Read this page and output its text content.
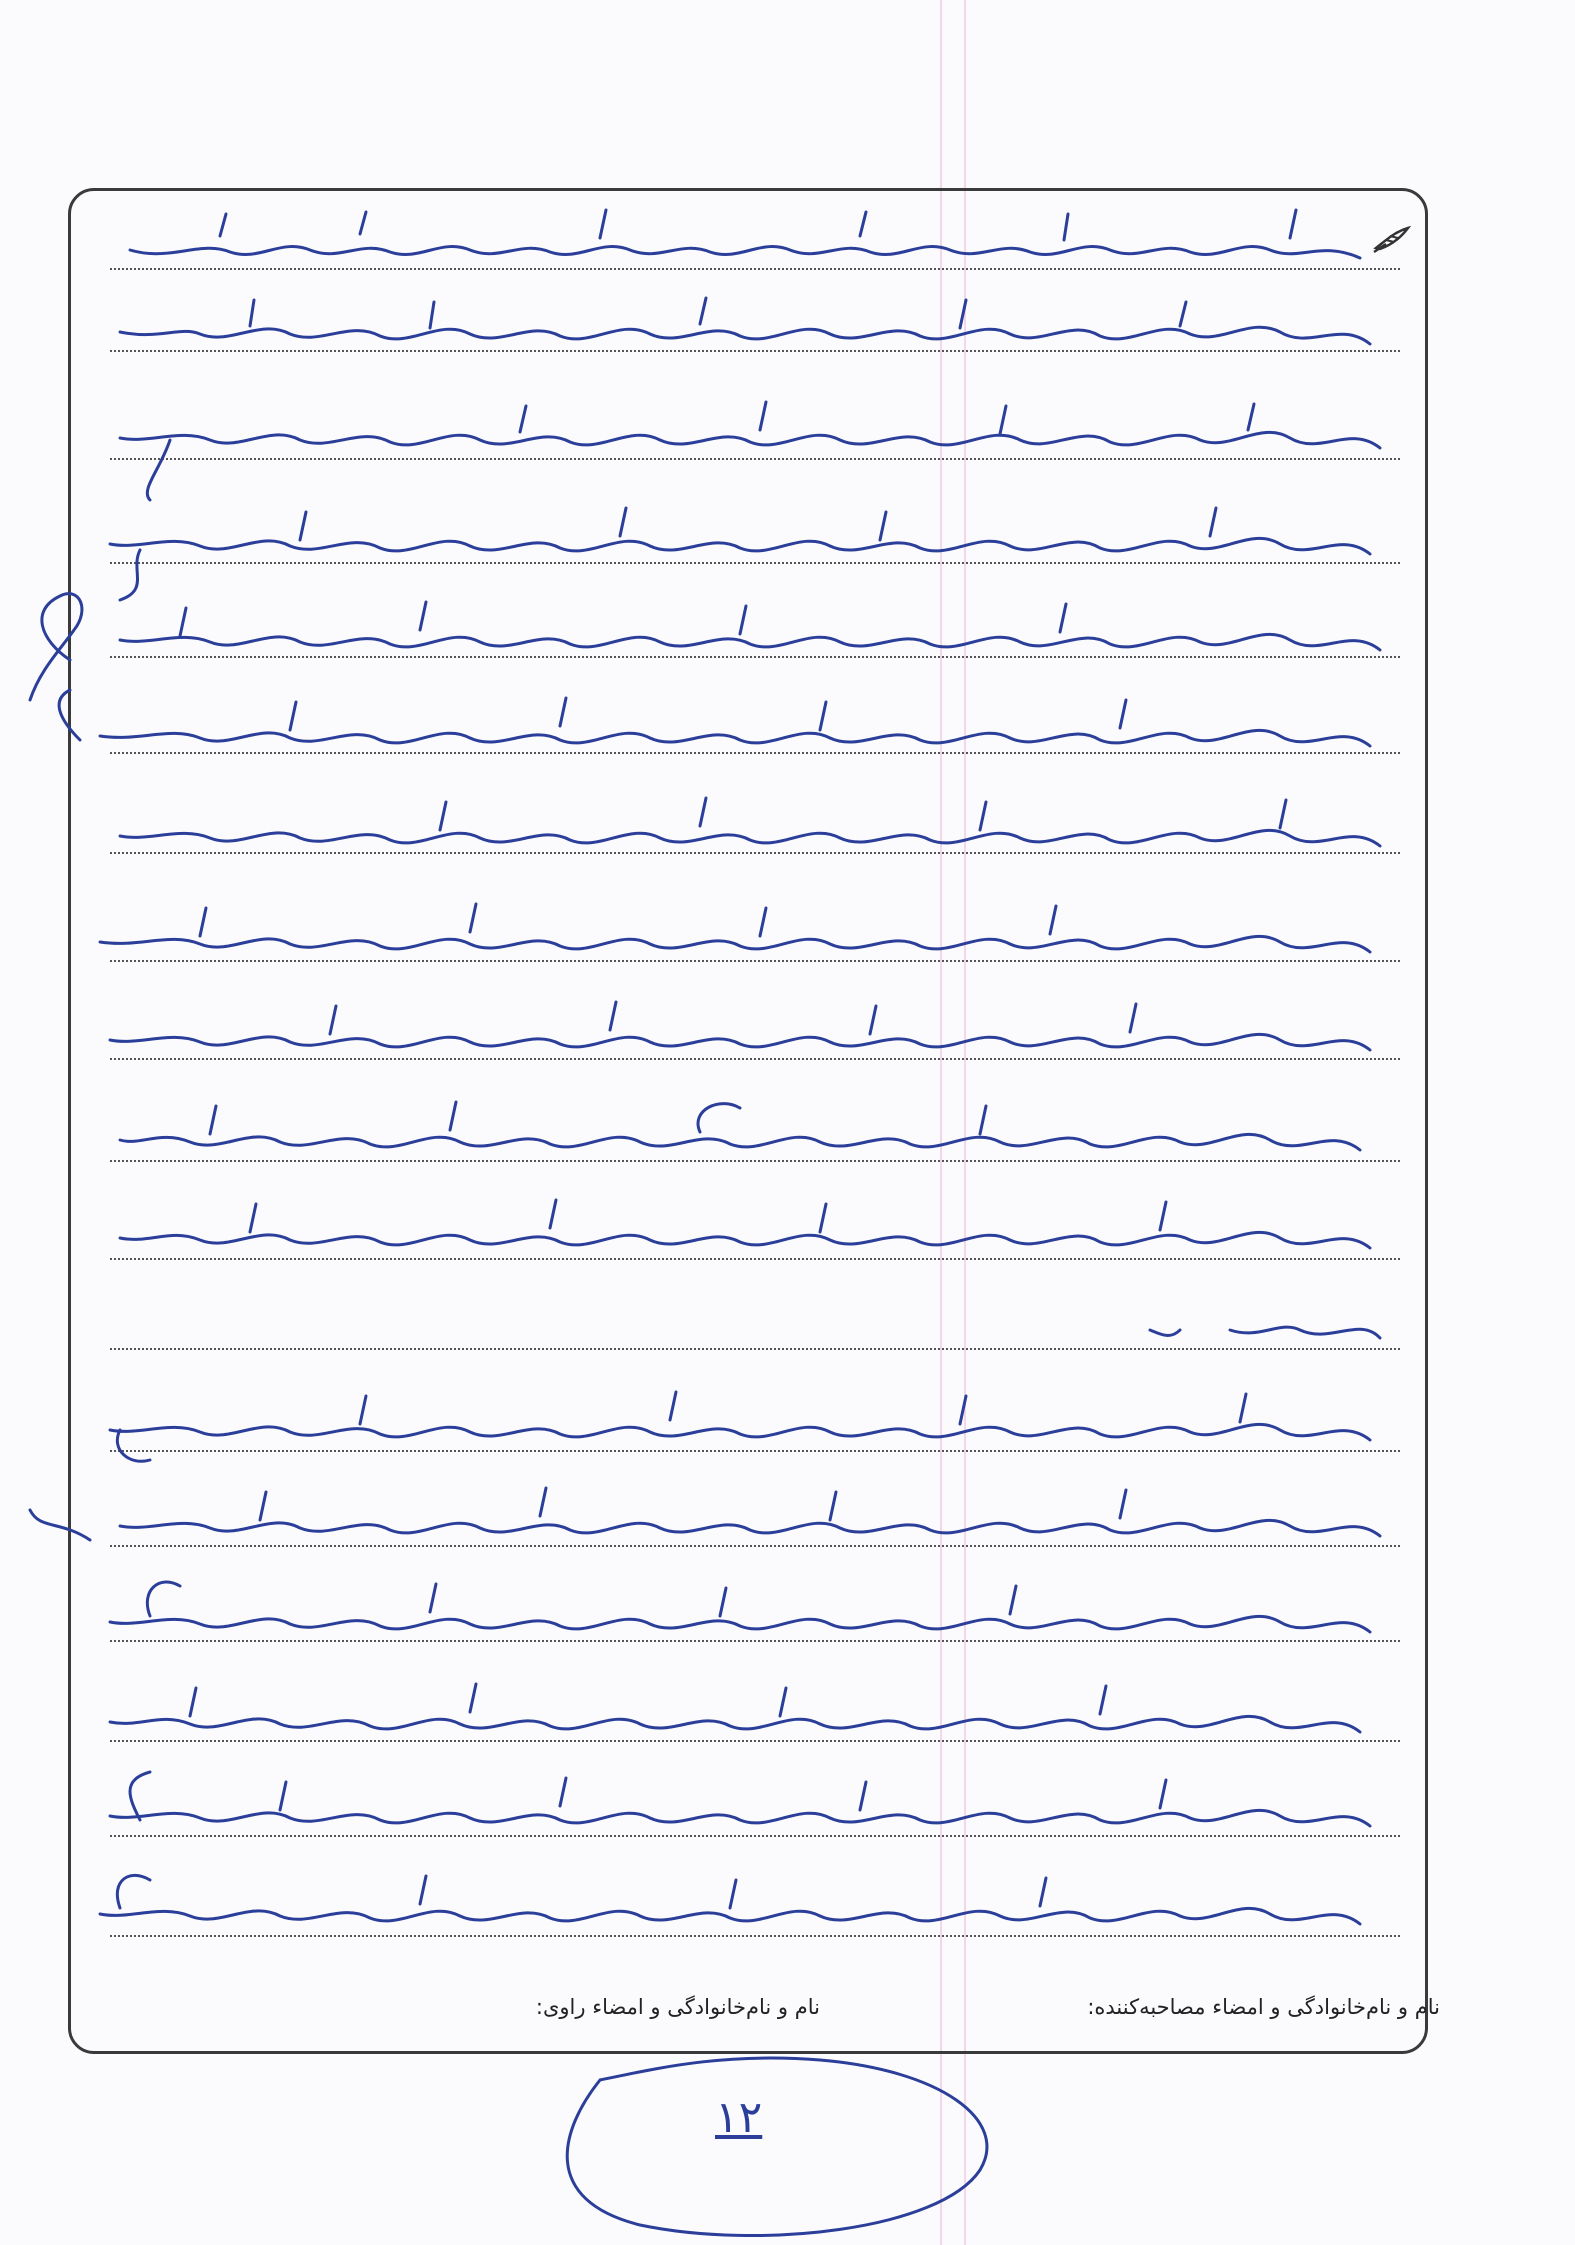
نام و نام‌خانوادگی و امضاء مصاحبه‌کننده:
نام و نام‌خانوادگی و امضاء راوی:
۱۲
